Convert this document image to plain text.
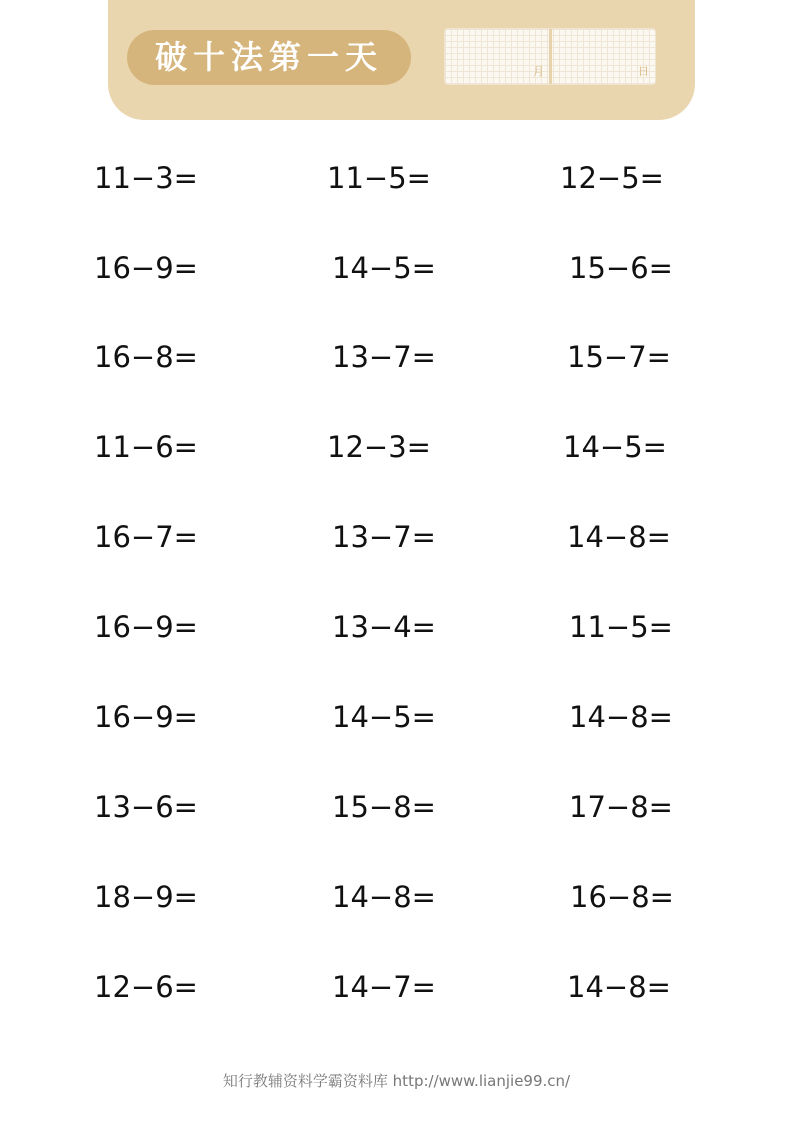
破十法第一天	月	日
11−3=	11−5=	12−5=
16−9=	14−5=	15−6=
16−8=	13−7=	15−7=
11−6=	12−3=	14−5=
16−7=	13−7=	14−8=
16−9=	13−4=	11−5=
16−9=	14−5=	14−8=
13−6=	15−8=	17−8=
18−9=	14−8=	16−8=
12−6=	14−7=	14−8=
知行教辅资料学霸资料库 http://www.lianjie99.cn/
